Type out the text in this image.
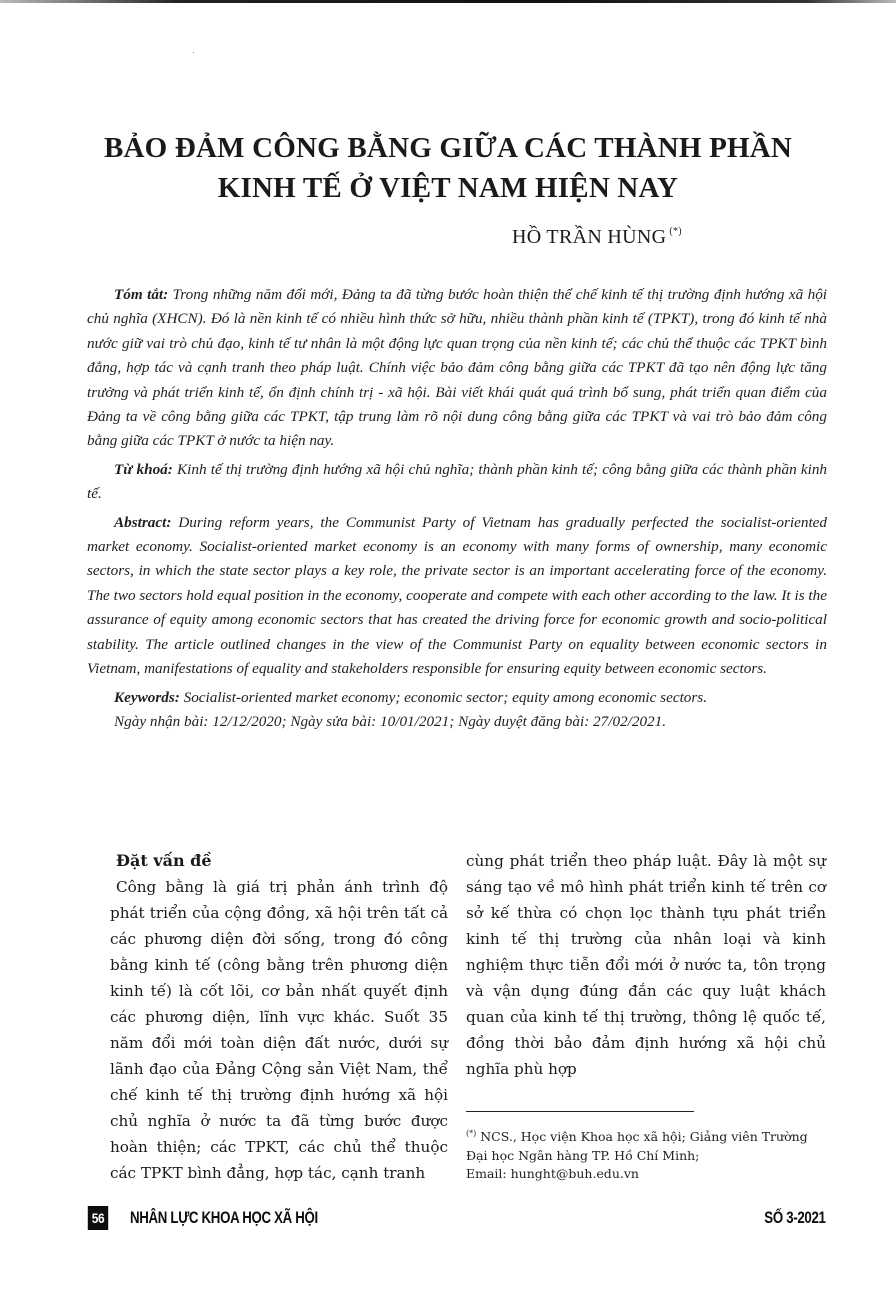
BẢO ĐẢM CÔNG BẰNG GIỮA CÁC THÀNH PHẦN
KINH TẾ Ở VIỆT NAM HIỆN NAY
HỒ TRẦN HÙNG (*)

Tóm tắt: Trong những năm đổi mới, Đảng ta đã từng bước hoàn thiện thể chế kinh tế thị trường định hướng xã hội chủ nghĩa (XHCN). Đó là nền kinh tế có nhiều hình thức sở hữu, nhiều thành phần kinh tế (TPKT), trong đó kinh tế nhà nước giữ vai trò chủ đạo, kinh tế tư nhân là một động lực quan trọng của nền kinh tế; các chủ thể thuộc các TPKT bình đẳng, hợp tác và cạnh tranh theo pháp luật. Chính việc bảo đảm công bằng giữa các TPKT đã tạo nên động lực tăng trưởng và phát triển kinh tế, ổn định chính trị - xã hội. Bài viết khái quát quá trình bổ sung, phát triển quan điểm của Đảng ta về công bằng giữa các TPKT, tập trung làm rõ nội dung công bằng giữa các TPKT và vai trò bảo đảm công bằng giữa các TPKT ở nước ta hiện nay.

Từ khoá: Kinh tế thị trường định hướng xã hội chủ nghĩa; thành phần kinh tế; công bằng giữa các thành phần kinh tế.

Abstract: During reform years, the Communist Party of Vietnam has gradually perfected the socialist-oriented market economy. Socialist-oriented market economy is an economy with many forms of ownership, many economic sectors, in which the state sector plays a key role, the private sector is an important accelerating force of the economy. The two sectors hold equal position in the economy, cooperate and compete with each other according to the law. It is the assurance of equity among economic sectors that has created the driving force for economic growth and socio-political stability. The article outlined changes in the view of the Communist Party on equality between economic sectors in Vietnam, manifestations of equality and stakeholders responsible for ensuring equity between economic sectors.

Keywords: Socialist-oriented market economy; economic sector; equity among economic sectors.

Ngày nhận bài: 12/12/2020; Ngày sửa bài: 10/01/2021; Ngày duyệt đăng bài: 27/02/2021.

Đặt vấn đề

Công bằng là giá trị phản ánh trình độ phát triển của cộng đồng, xã hội trên tất cả các phương diện đời sống, trong đó công bằng kinh tế (công bằng trên phương diện kinh tế) là cốt lõi, cơ bản nhất quyết định các phương diện, lĩnh vực khác. Suốt 35 năm đổi mới toàn diện đất nước, dưới sự lãnh đạo của Đảng Cộng sản Việt Nam, thể chế kinh tế thị trường định hướng xã hội chủ nghĩa ở nước ta đã từng bước được hoàn thiện; các TPKT, các chủ thể thuộc các TPKT bình đẳng, hợp tác, cạnh tranh

cùng phát triển theo pháp luật. Đây là một sự sáng tạo về mô hình phát triển kinh tế trên cơ sở kế thừa có chọn lọc thành tựu phát triển kinh tế thị trường của nhân loại và kinh nghiệm thực tiễn đổi mới ở nước ta, tôn trọng và vận dụng đúng đắn các quy luật khách quan của kinh tế thị trường, thông lệ quốc tế, đồng thời bảo đảm định hướng xã hội chủ nghĩa phù hợp

(*) NCS., Học viện Khoa học xã hội; Giảng viên Trường
Đại học Ngân hàng TP. Hồ Chí Minh;
Email: hunght@buh.edu.vn
56 NHÂN LỰC KHOA HỌC XÃ HỘI	SỐ 3-2021
